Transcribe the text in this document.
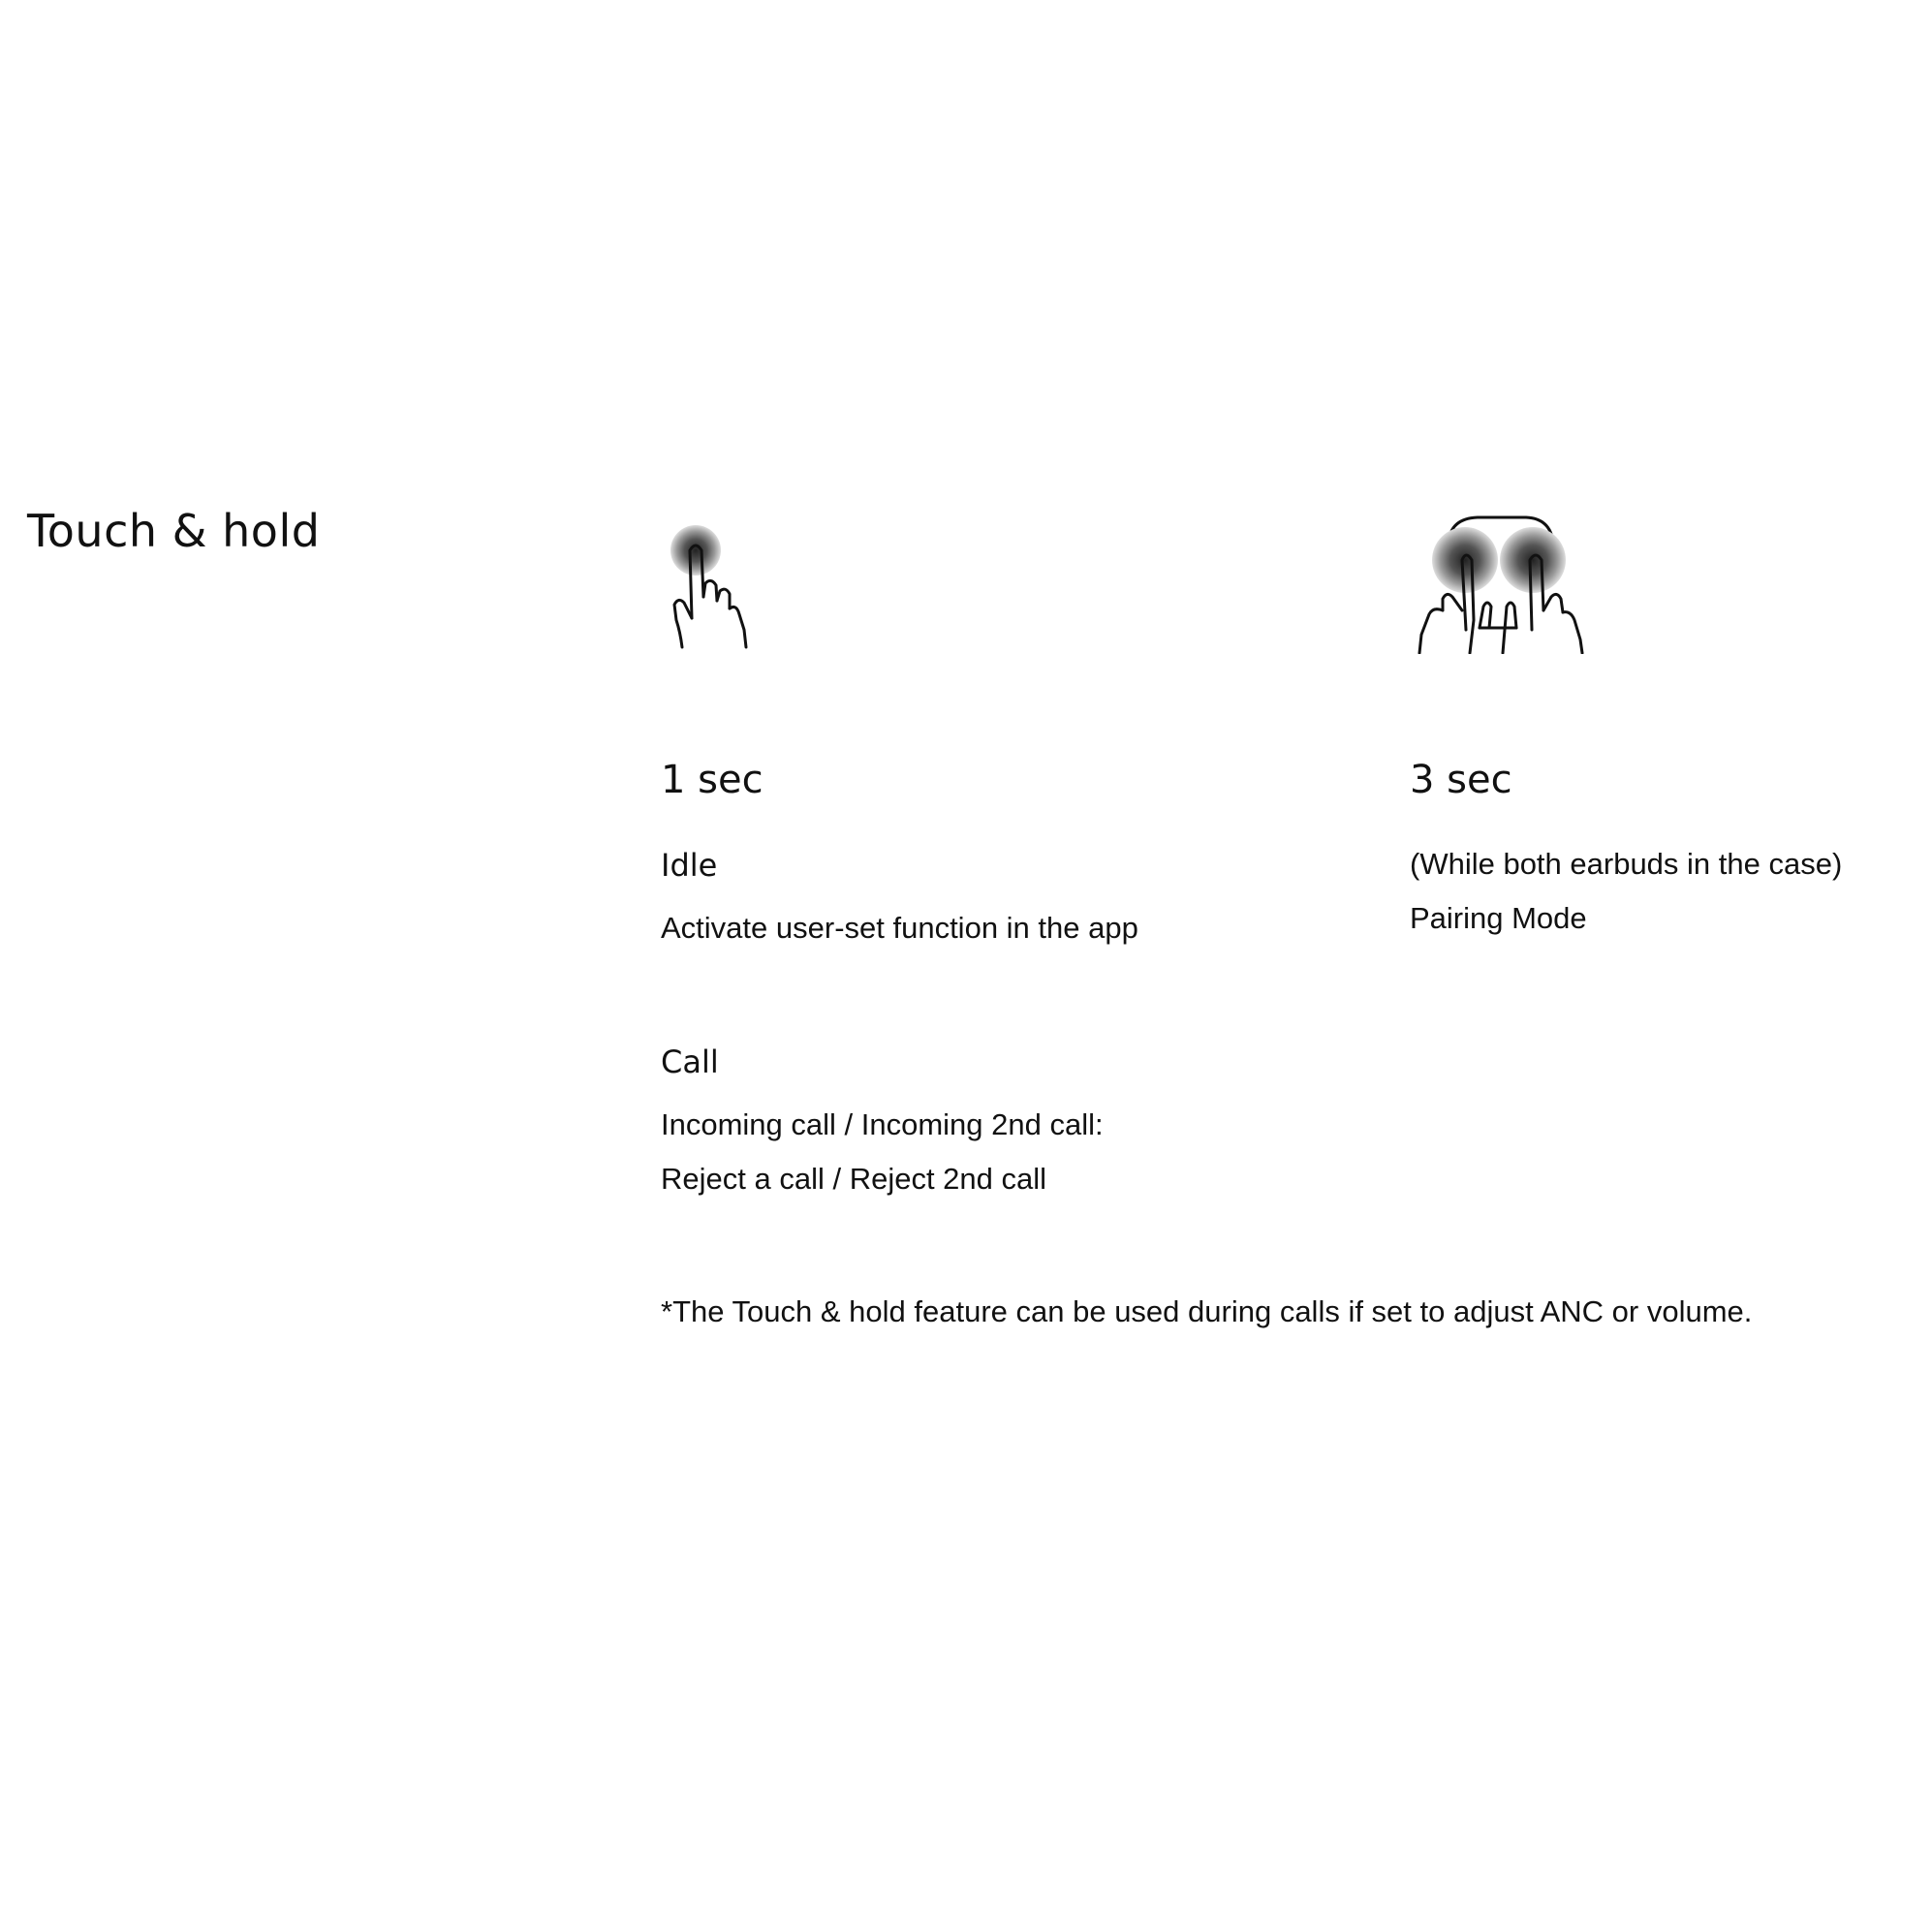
Touch & hold
1 sec	3 sec
Idle

Activate user-set function in the app

Call

Incoming call / Incoming 2nd call:

Reject a call / Reject 2nd call

(While both earbuds in the case)

Pairing Mode

*The Touch & hold feature can be used during calls if set to adjust ANC or volume.
